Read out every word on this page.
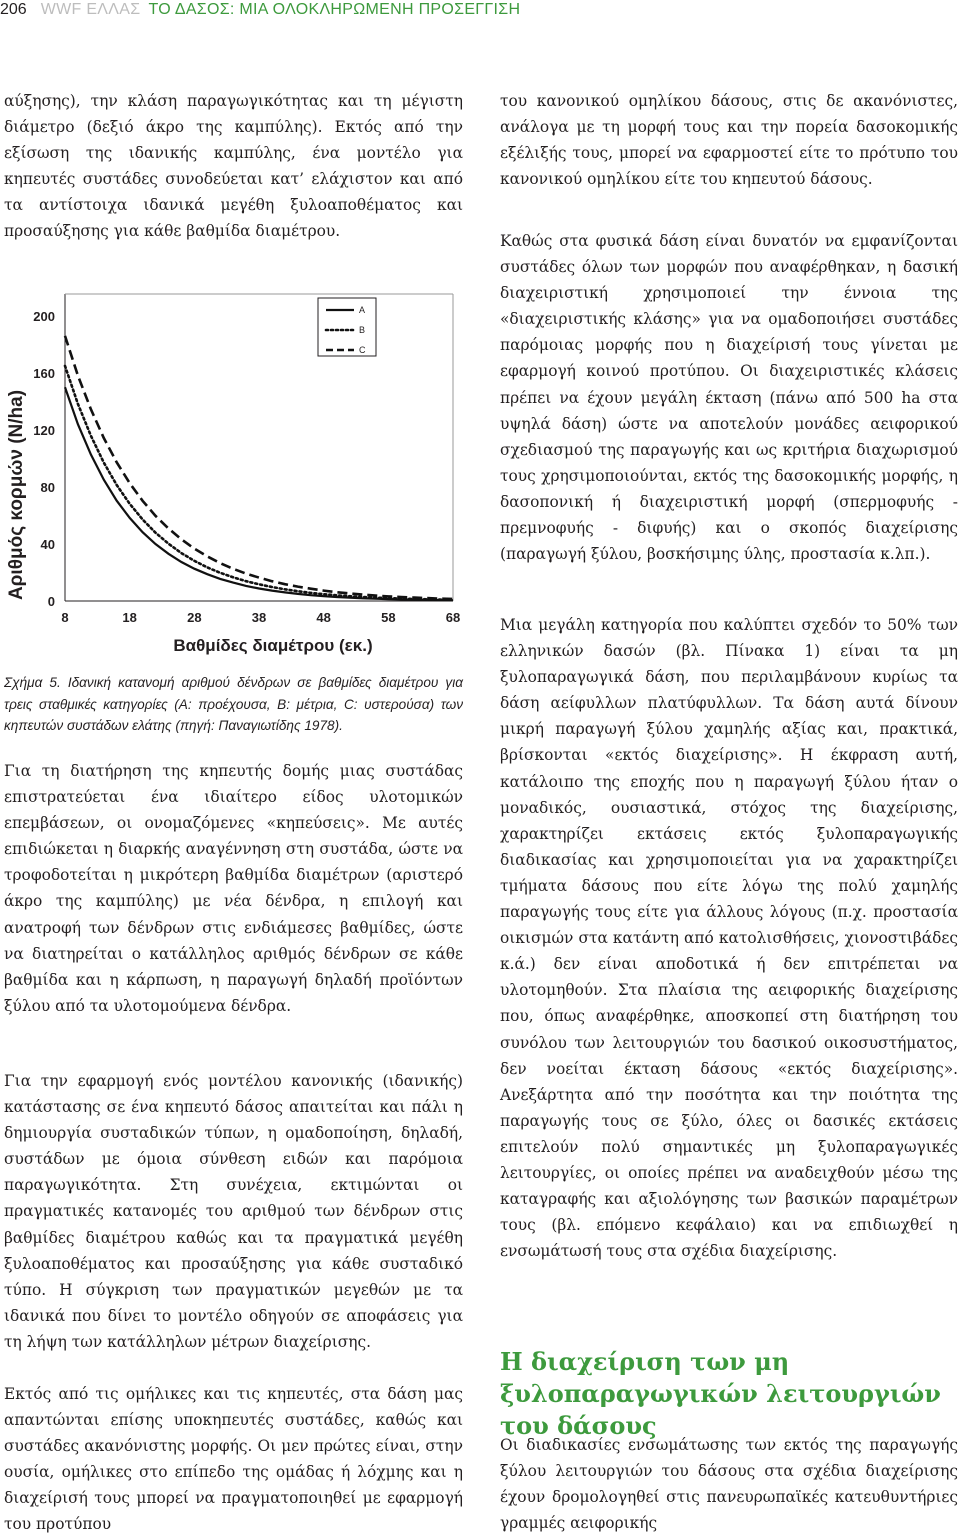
206 WWF ΕΛΛΑΣ ΤΟ ΔΑΣΟΣ: ΜΙΑ ΟΛΟΚΛΗΡΩΜΕΝΗ ΠΡΟΣΕΓΓΙΣΗ

αύξησης), την κλάση παραγωγικότητας και τη μέγιστη διάμετρο (δεξιό άκρο της καμπύλης). Εκτός από την εξίσωση της ιδανικής καμπύλης, ένα μοντέλο για κηπευτές συστάδες συνοδεύεται κατ’ ελάχιστον και από τα αντίστοιχα ιδανικά μεγέθη ξυλοαποθέματος και προσαύξησης για κάθε βαθμίδα διαμέτρου.

Για τη διατήρηση της κηπευτής δομής μιας συστάδας επιστρατεύεται ένα ιδιαίτερο είδος υλοτομικών επεμβάσεων, οι ονομαζόμενες «κηπεύσεις». Με αυτές επιδιώκεται η διαρκής αναγέννηση στη συστάδα, ώστε να τροφοδοτείται η μικρότερη βαθμίδα διαμέτρων (αριστερό άκρο της καμπύλης) με νέα δένδρα, η επιλογή και ανατροφή των δένδρων στις ενδιάμεσες βαθμίδες, ώστε να διατηρείται ο κατάλληλος αριθμός δένδρων σε κάθε βαθμίδα και η κάρπωση, η παραγωγή δηλαδή προϊόντων ξύλου από τα υλοτομούμενα δένδρα.

Για την εφαρμογή ενός μοντέλου κανονικής (ιδανικής) κατάστασης σε ένα κηπευτό δάσος απαιτείται και πάλι η δημιουργία συσταδικών τύπων, η ομαδοποίηση, δηλαδή, συστάδων με όμοια σύνθεση ειδών και παρόμοια παραγωγικότητα. Στη συνέχεια, εκτιμώνται οι πραγματικές κατανομές του αριθμού των δένδρων στις βαθμίδες διαμέτρου καθώς και τα πραγματικά μεγέθη ξυλοαποθέματος και προσαύξησης για κάθε συσταδικό τύπο. Η σύγκριση των πραγματικών μεγεθών με τα ιδανικά που δίνει το μοντέλο οδηγούν σε αποφάσεις για τη λήψη των κατάλληλων μέτρων διαχείρισης.

Εκτός από τις ομήλικες και τις κηπευτές, στα δάση μας απαντώνται επίσης υποκηπευτές συστάδες, καθώς και συστάδες ακανόνιστης μορφής. Οι μεν πρώτες είναι, στην ουσία, ομήλικες στο επίπεδο της ομάδας ή λόχμης και η διαχείρισή τους μπορεί να πραγματοποιηθεί με εφαρμογή του προτύπου

0
40
80
120
160
200
8	18	28	38	48	58	68
A
B
C
Αριθμός κορμών (N/ha)
Βαθμίδες διαμέτρου (εκ.)
Σχήμα 5. Ιδανική κατανομή αριθμού δένδρων σε βαθμίδες διαμέτρου για τρεις σταθμικές κατηγορίες (Α: προέχουσα, Β: μέτρια, C: υστερούσα) των κηπευτών συστάδων ελάτης (πηγή: Παναγιωτίδης 1978).

του κανονικού ομηλίκου δάσους, στις δε ακανόνιστες, ανάλογα με τη μορφή τους και την πορεία δασοκομικής εξέλιξής τους, μπορεί να εφαρμοστεί είτε το πρότυπο του κανονικού ομηλίκου είτε του κηπευτού δάσους.

Καθώς στα φυσικά δάση είναι δυνατόν να εμφανίζονται συστάδες όλων των μορφών που αναφέρθηκαν, η δασική διαχειριστική χρησιμοποιεί την έννοια της «διαχειριστικής κλάσης» για να ομαδοποιήσει συστάδες παρόμοιας μορφής που η διαχείρισή τους γίνεται με εφαρμογή κοινού προτύπου. Οι διαχειριστικές κλάσεις πρέπει να έχουν μεγάλη έκταση (πάνω από 500 ha στα υψηλά δάση) ώστε να αποτελούν μονάδες αειφορικού σχεδιασμού της παραγωγής και ως κριτήρια διαχωρισμού τους χρησιμοποιούνται, εκτός της δασοκομικής μορφής, η δασοπονική ή διαχειριστική μορφή (σπερμοφυής - πρεμνοφυής - διφυής) και ο σκοπός διαχείρισης (παραγωγή ξύλου, βοσκήσιμης ύλης, προστασία κ.λπ.).

Μια μεγάλη κατηγορία που καλύπτει σχεδόν το 50% των ελληνικών δασών (βλ. Πίνακα 1) είναι τα μη ξυλοπαραγωγικά δάση, που περιλαμβάνουν κυρίως τα δάση αείφυλλων πλατύφυλλων. Τα δάση αυτά δίνουν μικρή παραγωγή ξύλου χαμηλής αξίας και, πρακτικά, βρίσκονται «εκτός διαχείρισης». Η έκφραση αυτή, κατάλοιπο της εποχής που η παραγωγή ξύλου ήταν ο μοναδικός, ουσιαστικά, στόχος της διαχείρισης, χαρακτηρίζει εκτάσεις εκτός ξυλοπαραγωγικής διαδικασίας και χρησιμοποιείται για να χαρακτηρίζει τμήματα δάσους που είτε λόγω της πολύ χαμηλής παραγωγής τους είτε για άλλους λόγους (π.χ. προστασία οικισμών στα κατάντη από κατολισθήσεις, χιονοστιβάδες κ.ά.) δεν είναι αποδοτικά ή δεν επιτρέπεται να υλοτομηθούν. Στα πλαίσια της αειφορικής διαχείρισης που, όπως αναφέρθηκε, αποσκοπεί στη διατήρηση του συνόλου των λειτουργιών του δασικού οικοσυστήματος, δεν νοείται έκταση δάσους «εκτός διαχείρισης». Ανεξάρτητα από την ποσότητα και την ποιότητα της παραγωγής τους σε ξύλο, όλες οι δασικές εκτάσεις επιτελούν πολύ σημαντικές μη ξυλοπαραγωγικές λειτουργίες, οι οποίες πρέπει να αναδειχθούν μέσω της καταγραφής και αξιολόγησης των βασικών παραμέτρων τους (βλ. επόμενο κεφάλαιο) και να επιδιωχθεί η ενσωμάτωσή τους στα σχέδια διαχείρισης.

Η διαχείριση των μη ξυλοπαραγωγικών λειτουργιών του δάσους

Οι διαδικασίες ενσωμάτωσης των εκτός της παραγωγής ξύλου λειτουργιών του δάσους στα σχέδια διαχείρισης έχουν δρομολογηθεί στις πανευρωπαϊκές κατευθυντήριες γραμμές αειφορικής
